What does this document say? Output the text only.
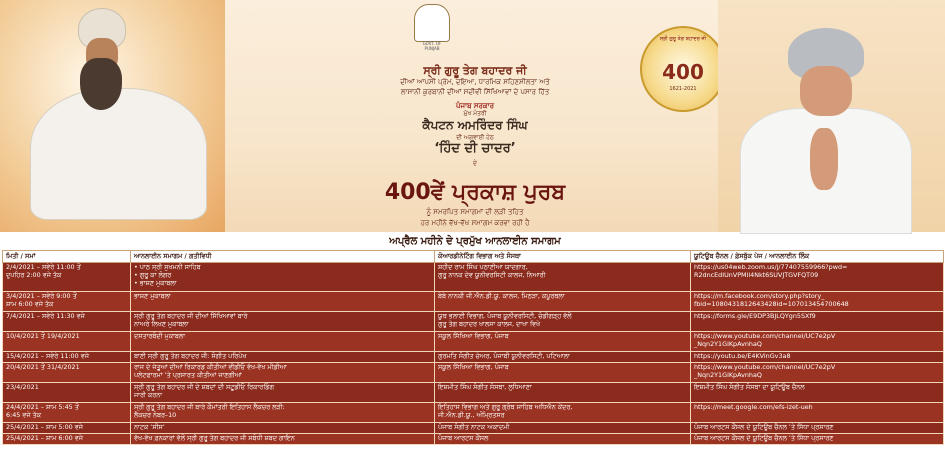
GOVT. OF PUNJAB
ਸ੍ਰੀ ਗੁਰੂ ਤੇਗ ਬਹਾਦਰ ਜੀ
ਦੀਆਂ ਆਪਸੀ ਪ੍ਰੇਮ, ਦਇਆ, ਧਾਰਮਿਕ ਸਹਿਣਸ਼ੀਲਤਾ ਅਤੇ
ਲਾਸਾਨੀ ਕੁਰਬਾਨੀ ਦੀਆਂ ਸਦੀਵੀ ਸਿੱਖਿਆਵਾਂ ਦੇ ਪਸਾਰ ਹਿੱਤ
ਪੰਜਾਬ ਸਰਕਾਰ
ਮੁੱਖ ਮੰਤਰੀ
ਕੈਪਟਨ ਅਮਰਿੰਦਰ ਸਿੰਘ
ਦੀ ਅਗਵਾਈ ਹੇਠ
‘ਹਿੰਦ ਦੀ ਚਾਦਰ’
ਦੇ
400ਵੇਂ ਪ੍ਰਕਾਸ਼ ਪੁਰਬ
ਨੂੰ ਸਮਰਪਿਤ ਸਮਾਗਮਾਂ ਦੀ ਲੜੀ ਤਹਿਤ
ਹਰ ਮਹੀਨੇ ਵੱਖ-ਵੱਖ ਸਮਾਗਮ ਕਰਵਾ ਰਹੀ ਹੈ
ਅਪ੍ਰੈਲ ਮਹੀਨੇ ਦੇ ਪ੍ਰਮੁੱਖ ਆਨਲਾਈਨ ਸਮਾਗਮ
ਸ੍ਰੀ ਗੁਰੂ ਤੇਗ ਬਹਾਦਰ ਜੀ
400
1621-2021
ਮਿਤੀ / ਸਮਾਂ	ਆਨਲਾਈਨ ਸਮਾਗਮ / ਗਤੀਵਿਧੀ	ਕੋਆਰਡੀਨੇਟਿੰਗ ਵਿਭਾਗ ਅਤੇ ਸੰਸਥਾ	ਯੂਟਿਊਬ ਚੈਨਲ / ਫ਼ੇਸਬੁੱਕ ਪੇਜ / ਆਨਲਾਈਨ ਲਿੰਕ
2/4/2021 – ਸਵੇਰੇ 11:00 ਤੋਂ
ਦੁਪਹਿਰ 2:00 ਵਜੇ ਤੱਕ	• ਪਾਠ ਸ੍ਰੀ ਸੁਖਮਨੀ ਸਾਹਿਬ
• ਗੁਰੂ ਕਾ ਲੰਗਰ
• ਭਾਸ਼ਣ ਮੁਕਾਬਲਾ	ਸ਼ਹੀਦ ਰਾਮ ਸਿੰਘ ਪਠਾਣੀਆ ਯਾਦਗਾਰ,
ਗੁਰੂ ਨਾਨਕ ਦੇਵ ਯੂਨੀਵਰਸਿਟੀ ਕਾਲਜ, ਨਿਆਰੀ	https://us04web.zoom.us/j/77407559966?pwd=
R2dncEdIUnVPMll4Nkt6SUVJTGVFQT09
3/4/2021 – ਸਵੇਰੇ 9:00 ਤੋਂ
ਸ਼ਾਮ 6:00 ਵਜੇ ਤੱਕ	ਭਾਸ਼ਣ ਮੁਕਾਬਲਾ	ਬੇਬੇ ਨਾਨਕੀ ਜੀ.ਐਨ.ਡੀ.ਯੂ. ਕਾਲਜ, ਮਿਠੜਾ, ਕਪੂਰਥਲਾ	https://m.facebook.com/story.php?story_
fbid=1080431812643428id=107013454700648
7/4/2021 – ਸਵੇਰੇ 11:30 ਵਜੇ	ਸ੍ਰੀ ਗੁਰੂ ਤੇਗ ਬਹਾਦਰ ਜੀ ਦੀਆਂ ਸਿੱਖਿਆਵਾਂ ਬਾਰੇ
ਨਾਅਰੇ ਲਿਖਣ ਮੁਕਾਬਲਾ	ਯੂਥ ਭਲਾਈ ਵਿਭਾਗ, ਪੰਜਾਬ ਯੂਨੀਵਰਸਿਟੀ, ਚੰਡੀਗੜ੍ਹ ਵੱਲੋਂ
ਗੁਰੂ ਤੇਗ ਬਹਾਦਰ ਖਾਲਸਾ ਕਾਲਜ, ਦਾਖਾ ਵਿਖੇ	https://forms.gle/E9DP3BJLQYgn5SXf9
10/4/2021 ਤੋਂ 19/4/2021	ਦਸਤਾਰਬੰਦੀ ਮੁਕਾਬਲਾ	ਸਕੂਲ ਸਿੱਖਿਆ ਵਿਭਾਗ, ਪੰਜਾਬ	https://www.youtube.com/channel/UC7e2pV
_Nqn2Y1GlKpAvnhaQ
15/4/2021 – ਸਵੇਰੇ 11:00 ਵਜੇ	ਬਾਣੀ ਸ੍ਰੀ ਗੁਰੂ ਤੇਗ ਬਹਾਦਰ ਜੀ: ਸੰਗੀਤ ਪਰਿਪੇਖ	ਗੁਰਮਤਿ ਸੰਗੀਤ ਚੇਅਰ, ਪੰਜਾਬੀ ਯੂਨੀਵਰਸਿਟੀ, ਪਟਿਆਲਾ	https://youtu.be/E4KVinGv3a8
20/4/2021 ਤੋਂ 31/4/2021	ਰਾਜ ਦੇ ਜੇਤੂਆਂ ਦੀਆਂ ਰਿਕਾਰਡ ਕੀਤੀਆਂ ਵੀਡੀਓ ਵੱਖ-ਵੱਖ ਮੀਡੀਆ
ਪਲੇਟਫਾਰਮਾਂ ’ਤੇ ਪ੍ਰਸਾਰਤ ਕੀਤੀਆਂ ਜਾਣਗੀਆਂ	ਸਕੂਲ ਸਿੱਖਿਆ ਵਿਭਾਗ, ਪੰਜਾਬ	https://www.youtube.com/channel/UC7e2pV
_Nqn2Y1GlKpAvnhaQ
23/4/2021	ਸ੍ਰੀ ਗੁਰੂ ਤੇਗ ਬਹਾਦਰ ਜੀ ਦੇ ਸ਼ਬਦਾਂ ਦੀ ਸਟੂਡੀਓ ਰਿਕਾਰਡਿੰਗ
ਜਾਰੀ ਕਰਨਾ	ਇਸ਼ਮੀਤ ਸਿੰਘ ਸੰਗੀਤ ਸੰਸਥਾ, ਲੁਧਿਆਣਾ	ਇਸ਼ਮੀਤ ਸਿੰਘ ਸੰਗੀਤ ਸੰਸਥਾ ਦਾ ਯੂਟਿਊਬ ਚੈਨਲ
24/4/2021 – ਸ਼ਾਮ 5:45 ਤੋਂ
6:45 ਵਜੇ ਤੱਕ	ਸ੍ਰੀ ਗੁਰੂ ਤੇਗ ਬਹਾਦਰ ਜੀ ਬਾਰੇ ਕੌਮਾਂਤਰੀ ਇਤਿਹਾਸ ਲੈਕਚਰ ਲੜੀ:
ਲੈਕਚਰ ਨੰਬਰ–10	ਇਤਿਹਾਸ ਵਿਭਾਗ ਅਤੇ ਗੁਰੂ ਗ੍ਰੰਥ ਸਾਹਿਬ ਅਧਿਐਨ ਕੇਂਦਰ,
ਜੀ.ਐਨ.ਡੀ.ਯੂ., ਅੰਮ੍ਰਿਤਸਰ	https://meet.google.com/efs-izet-ueh
25/4/2021 – ਸ਼ਾਮ 5:00 ਵਜੇ	ਨਾਟਕ ‘ਸੀਸ’	ਪੰਜਾਬ ਸੰਗੀਤ ਨਾਟਕ ਅਕਾਦਮੀ	ਪੰਜਾਬ ਆਰਟਸ ਕੌਂਸਲ ਦੇ ਯੂਟਿਊਬ ਚੈਨਲ ’ਤੇ ਸਿੱਧਾ ਪ੍ਰਸਾਰਣ
25/4/2021 – ਸ਼ਾਮ 6:00 ਵਜੇ	ਵੱਖ-ਵੱਖ ਫ਼ਨਕਾਰਾਂ ਵੱਲੋਂ ਸ੍ਰੀ ਗੁਰੂ ਤੇਗ ਬਹਾਦਰ ਜੀ ਸਬੰਧੀ ਸ਼ਬਦ ਗਾਇਨ	ਪੰਜਾਬ ਆਰਟਸ ਕੌਂਸਲ	ਪੰਜਾਬ ਆਰਟਸ ਕੌਂਸਲ ਦੇ ਯੂਟਿਊਬ ਚੈਨਲ ’ਤੇ ਸਿੱਧਾ ਪ੍ਰਸਾਰਣ
